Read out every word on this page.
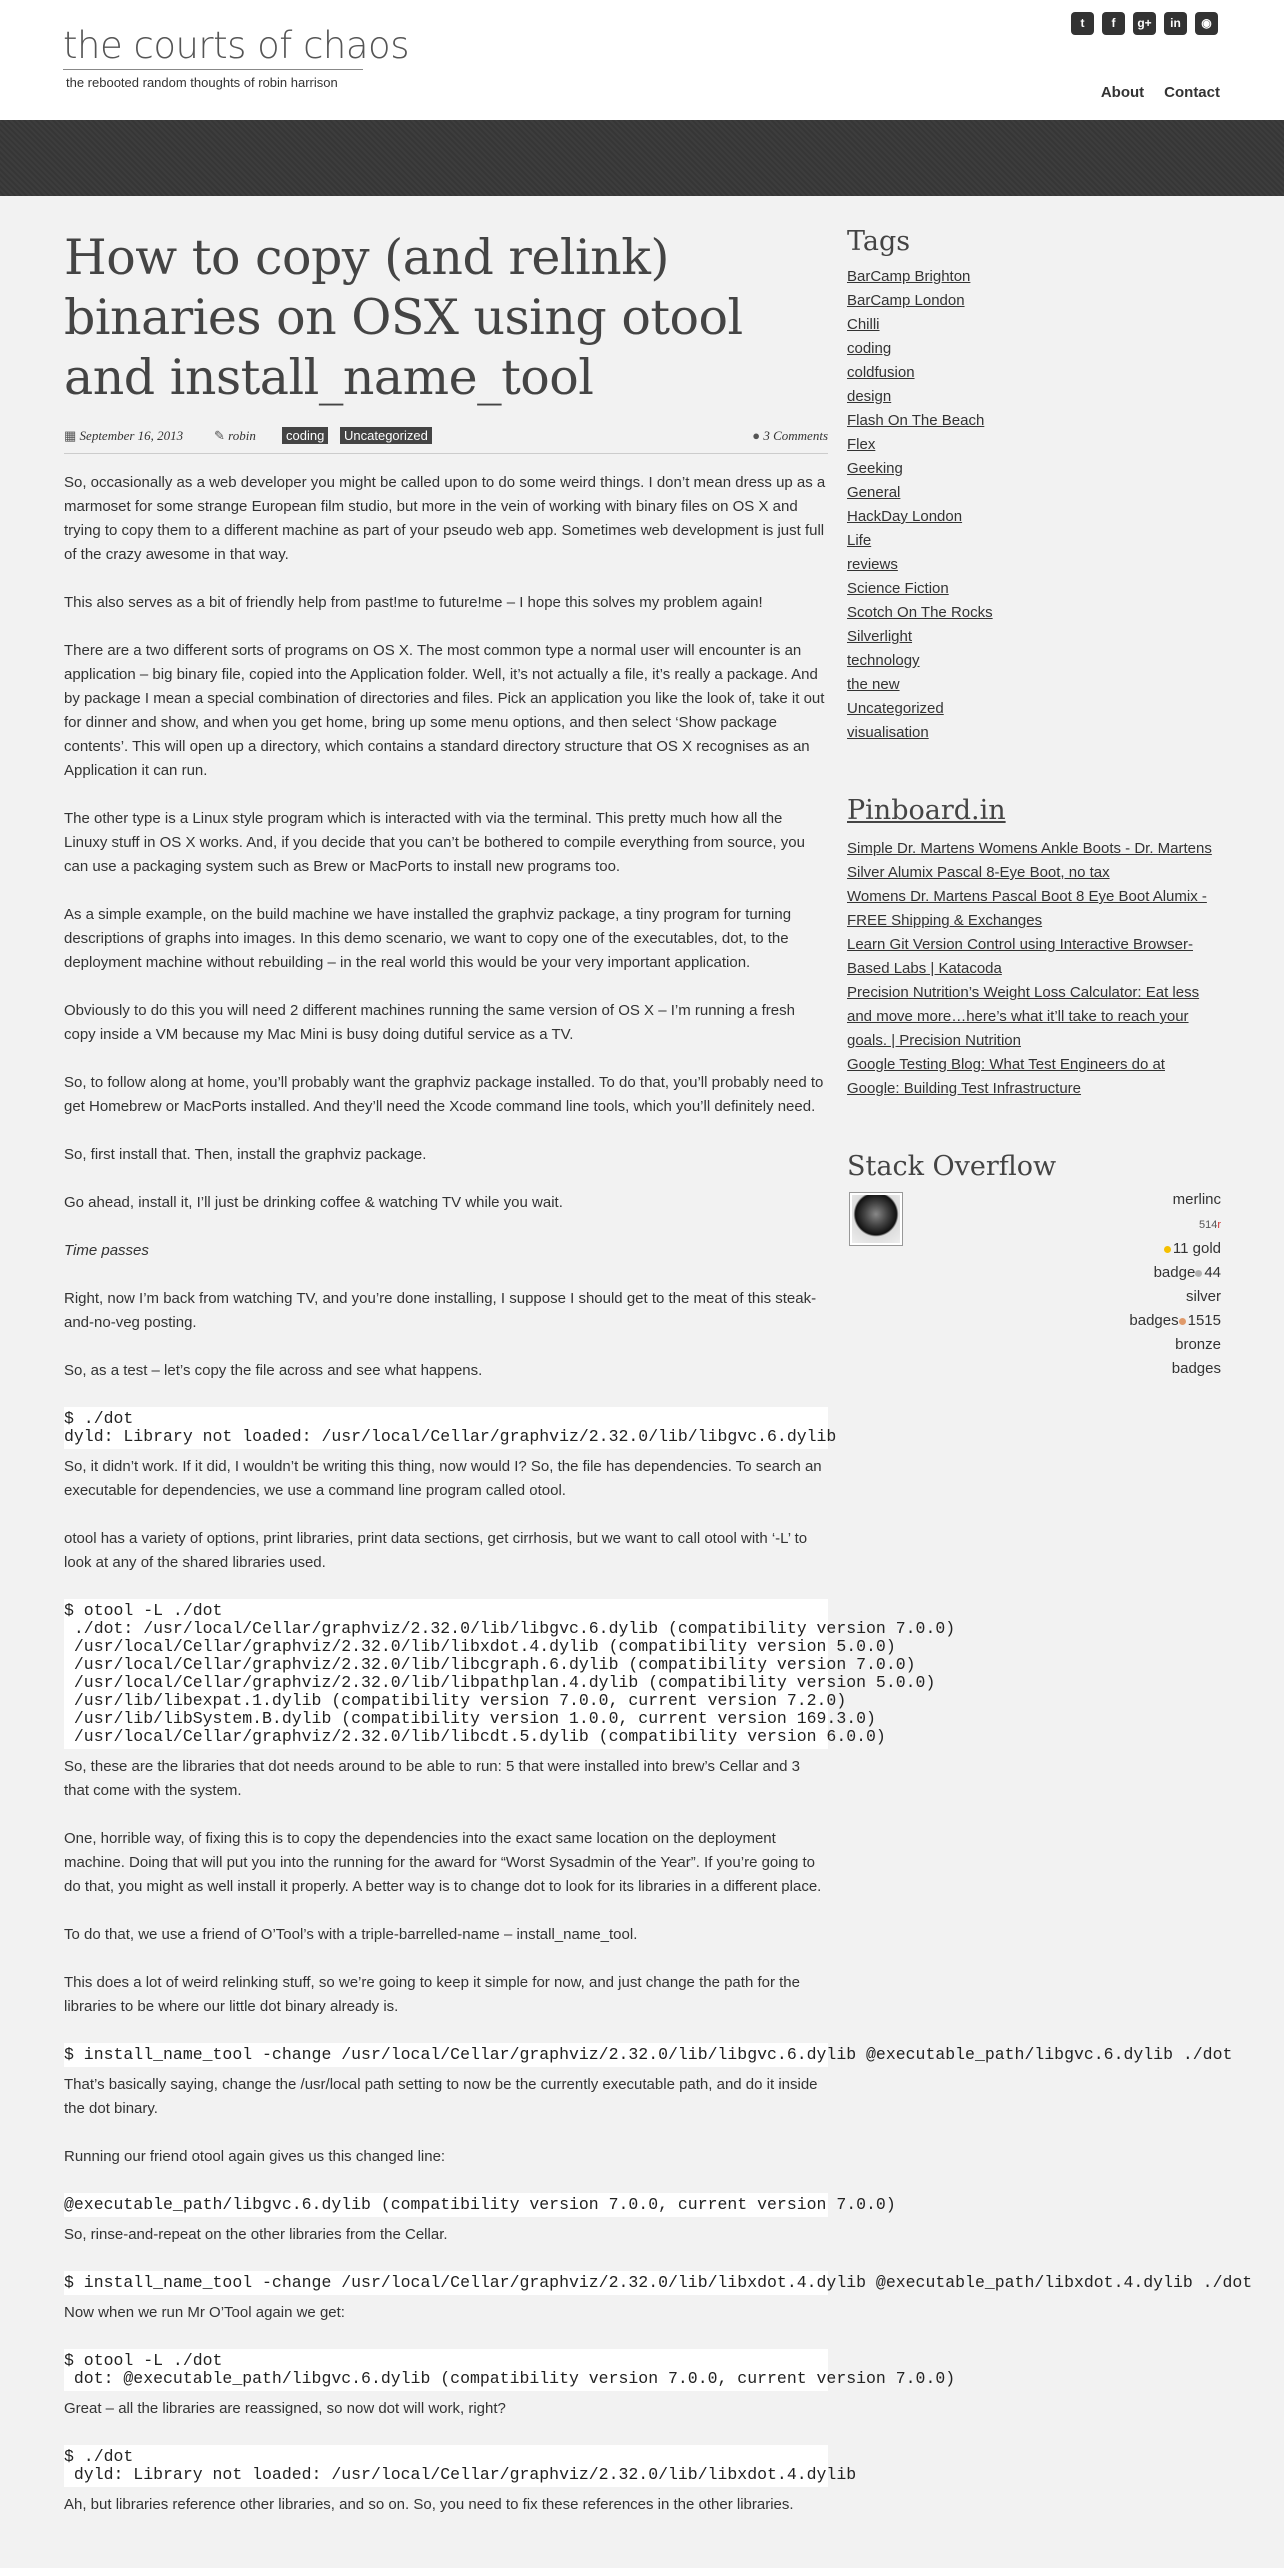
the courts of chaos
the rebooted random thoughts of robin harrison
t	f	g+	in	◉
About Contact
How to copy (and relink) binaries on OSX using otool and install_name_tool
▦ September 16, 2013 ✎ robin	coding	Uncategorized	● 3 Comments

So, occasionally as a web developer you might be called upon to do some weird things. I don’t mean dress up as a marmoset for some strange European film studio, but more in the vein of working with binary files on OS X and trying to copy them to a different machine as part of your pseudo web app. Sometimes web development is just full of the crazy awesome in that way.

This also serves as a bit of friendly help from past!me to future!me – I hope this solves my problem again!

There are a two different sorts of programs on OS X. The most common type a normal user will encounter is an application – big binary file, copied into the Application folder. Well, it’s not actually a file, it’s really a package. And by package I mean a special combination of directories and files. Pick an application you like the look of, take it out for dinner and show, and when you get home, bring up some menu options, and then select ‘Show package contents’. This will open up a directory, which contains a standard directory structure that OS X recognises as an Application it can run.

The other type is a Linux style program which is interacted with via the terminal. This pretty much how all the Linuxy stuff in OS X works. And, if you decide that you can’t be bothered to compile everything from source, you can use a packaging system such as Brew or MacPorts to install new programs too.

As a simple example, on the build machine we have installed the graphviz package, a tiny program for turning descriptions of graphs into images. In this demo scenario, we want to copy one of the executables, dot, to the deployment machine without rebuilding – in the real world this would be your very important application.

Obviously to do this you will need 2 different machines running the same version of OS X – I’m running a fresh copy inside a VM because my Mac Mini is busy doing dutiful service as a TV.

So, to follow along at home, you’ll probably want the graphviz package installed. To do that, you’ll probably need to get Homebrew or MacPorts installed. And they’ll need the Xcode command line tools, which you’ll definitely need.

So, first install that. Then, install the graphviz package.

Go ahead, install it, I’ll just be drinking coffee & watching TV while you wait.

Time passes

Right, now I’m back from watching TV, and you’re done installing, I suppose I should get to the meat of this steak-and-no-veg posting.

So, as a test – let’s copy the file across and see what happens.

$ ./dot
dyld: Library not loaded: /usr/local/Cellar/graphviz/2.32.0/lib/libgvc.6.dylib

So, it didn’t work. If it did, I wouldn’t be writing this thing, now would I? So, the file has dependencies. To search an executable for dependencies, we use a command line program called otool.

otool has a variety of options, print libraries, print data sections, get cirrhosis, but we want to call otool with ‘-L’ to look at any of the shared libraries used.

$ otool -L ./dot
./dot: /usr/local/Cellar/graphviz/2.32.0/lib/libgvc.6.dylib (compatibility version 7.0.0)
/usr/local/Cellar/graphviz/2.32.0/lib/libxdot.4.dylib (compatibility version 5.0.0)
/usr/local/Cellar/graphviz/2.32.0/lib/libcgraph.6.dylib (compatibility version 7.0.0)
/usr/local/Cellar/graphviz/2.32.0/lib/libpathplan.4.dylib (compatibility version 5.0.0)
/usr/lib/libexpat.1.dylib (compatibility version 7.0.0, current version 7.2.0)
/usr/lib/libSystem.B.dylib (compatibility version 1.0.0, current version 169.3.0)
/usr/local/Cellar/graphviz/2.32.0/lib/libcdt.5.dylib (compatibility version 6.0.0)

So, these are the libraries that dot needs around to be able to run: 5 that were installed into brew’s Cellar and 3 that come with the system.

One, horrible way, of fixing this is to copy the dependencies into the exact same location on the deployment machine. Doing that will put you into the running for the award for “Worst Sysadmin of the Year”. If you’re going to do that, you might as well install it properly. A better way is to change dot to look for its libraries in a different place.

To do that, we use a friend of O’Tool’s with a triple-barrelled-name – install_name_tool.

This does a lot of weird relinking stuff, so we’re going to keep it simple for now, and just change the path for the libraries to be where our little dot binary already is.

$ install_name_tool -change /usr/local/Cellar/graphviz/2.32.0/lib/libgvc.6.dylib @executable_path/libgvc.6.dylib ./dot

That’s basically saying, change the /usr/local path setting to now be the currently executable path, and do it inside the dot binary.

Running our friend otool again gives us this changed line:

@executable_path/libgvc.6.dylib (compatibility version 7.0.0, current version 7.0.0)

So, rinse-and-repeat on the other libraries from the Cellar.

$ install_name_tool -change /usr/local/Cellar/graphviz/2.32.0/lib/libxdot.4.dylib @executable_path/libxdot.4.dylib ./dot

Now when we run Mr O’Tool again we get:

$ otool -L ./dot
dot: @executable_path/libgvc.6.dylib (compatibility version 7.0.0, current version 7.0.0)

Great – all the libraries are reassigned, so now dot will work, right?

$ ./dot
dyld: Library not loaded: /usr/local/Cellar/graphviz/2.32.0/lib/libxdot.4.dylib

Ah, but libraries reference other libraries, and so on. So, you need to fix these references in the other libraries.

Tags
BarCamp Brighton
BarCamp London
Chilli
coding
coldfusion
design
Flash On The Beach
Flex
Geeking
General
HackDay London
Life
reviews
Science Fiction
Scotch On The Rocks
Silverlight
technology
the new
Uncategorized
visualisation
Pinboard.in
Simple Dr. Martens Womens Ankle Boots - Dr. Martens Silver Alumix Pascal 8-Eye Boot, no tax
Womens Dr. Martens Pascal Boot 8 Eye Boot Alumix - FREE Shipping & Exchanges
Learn Git Version Control using Interactive Browser-Based Labs | Katacoda
Precision Nutrition’s Weight Loss Calculator: Eat less and move more…here’s what it’ll take to reach your goals. | Precision Nutrition
Google Testing Blog: What Test Engineers do at Google: Building Test Infrastructure
Stack Overflow
merlinc
514r
11 gold
badge 44
silver
badges 1515
bronze
badges
